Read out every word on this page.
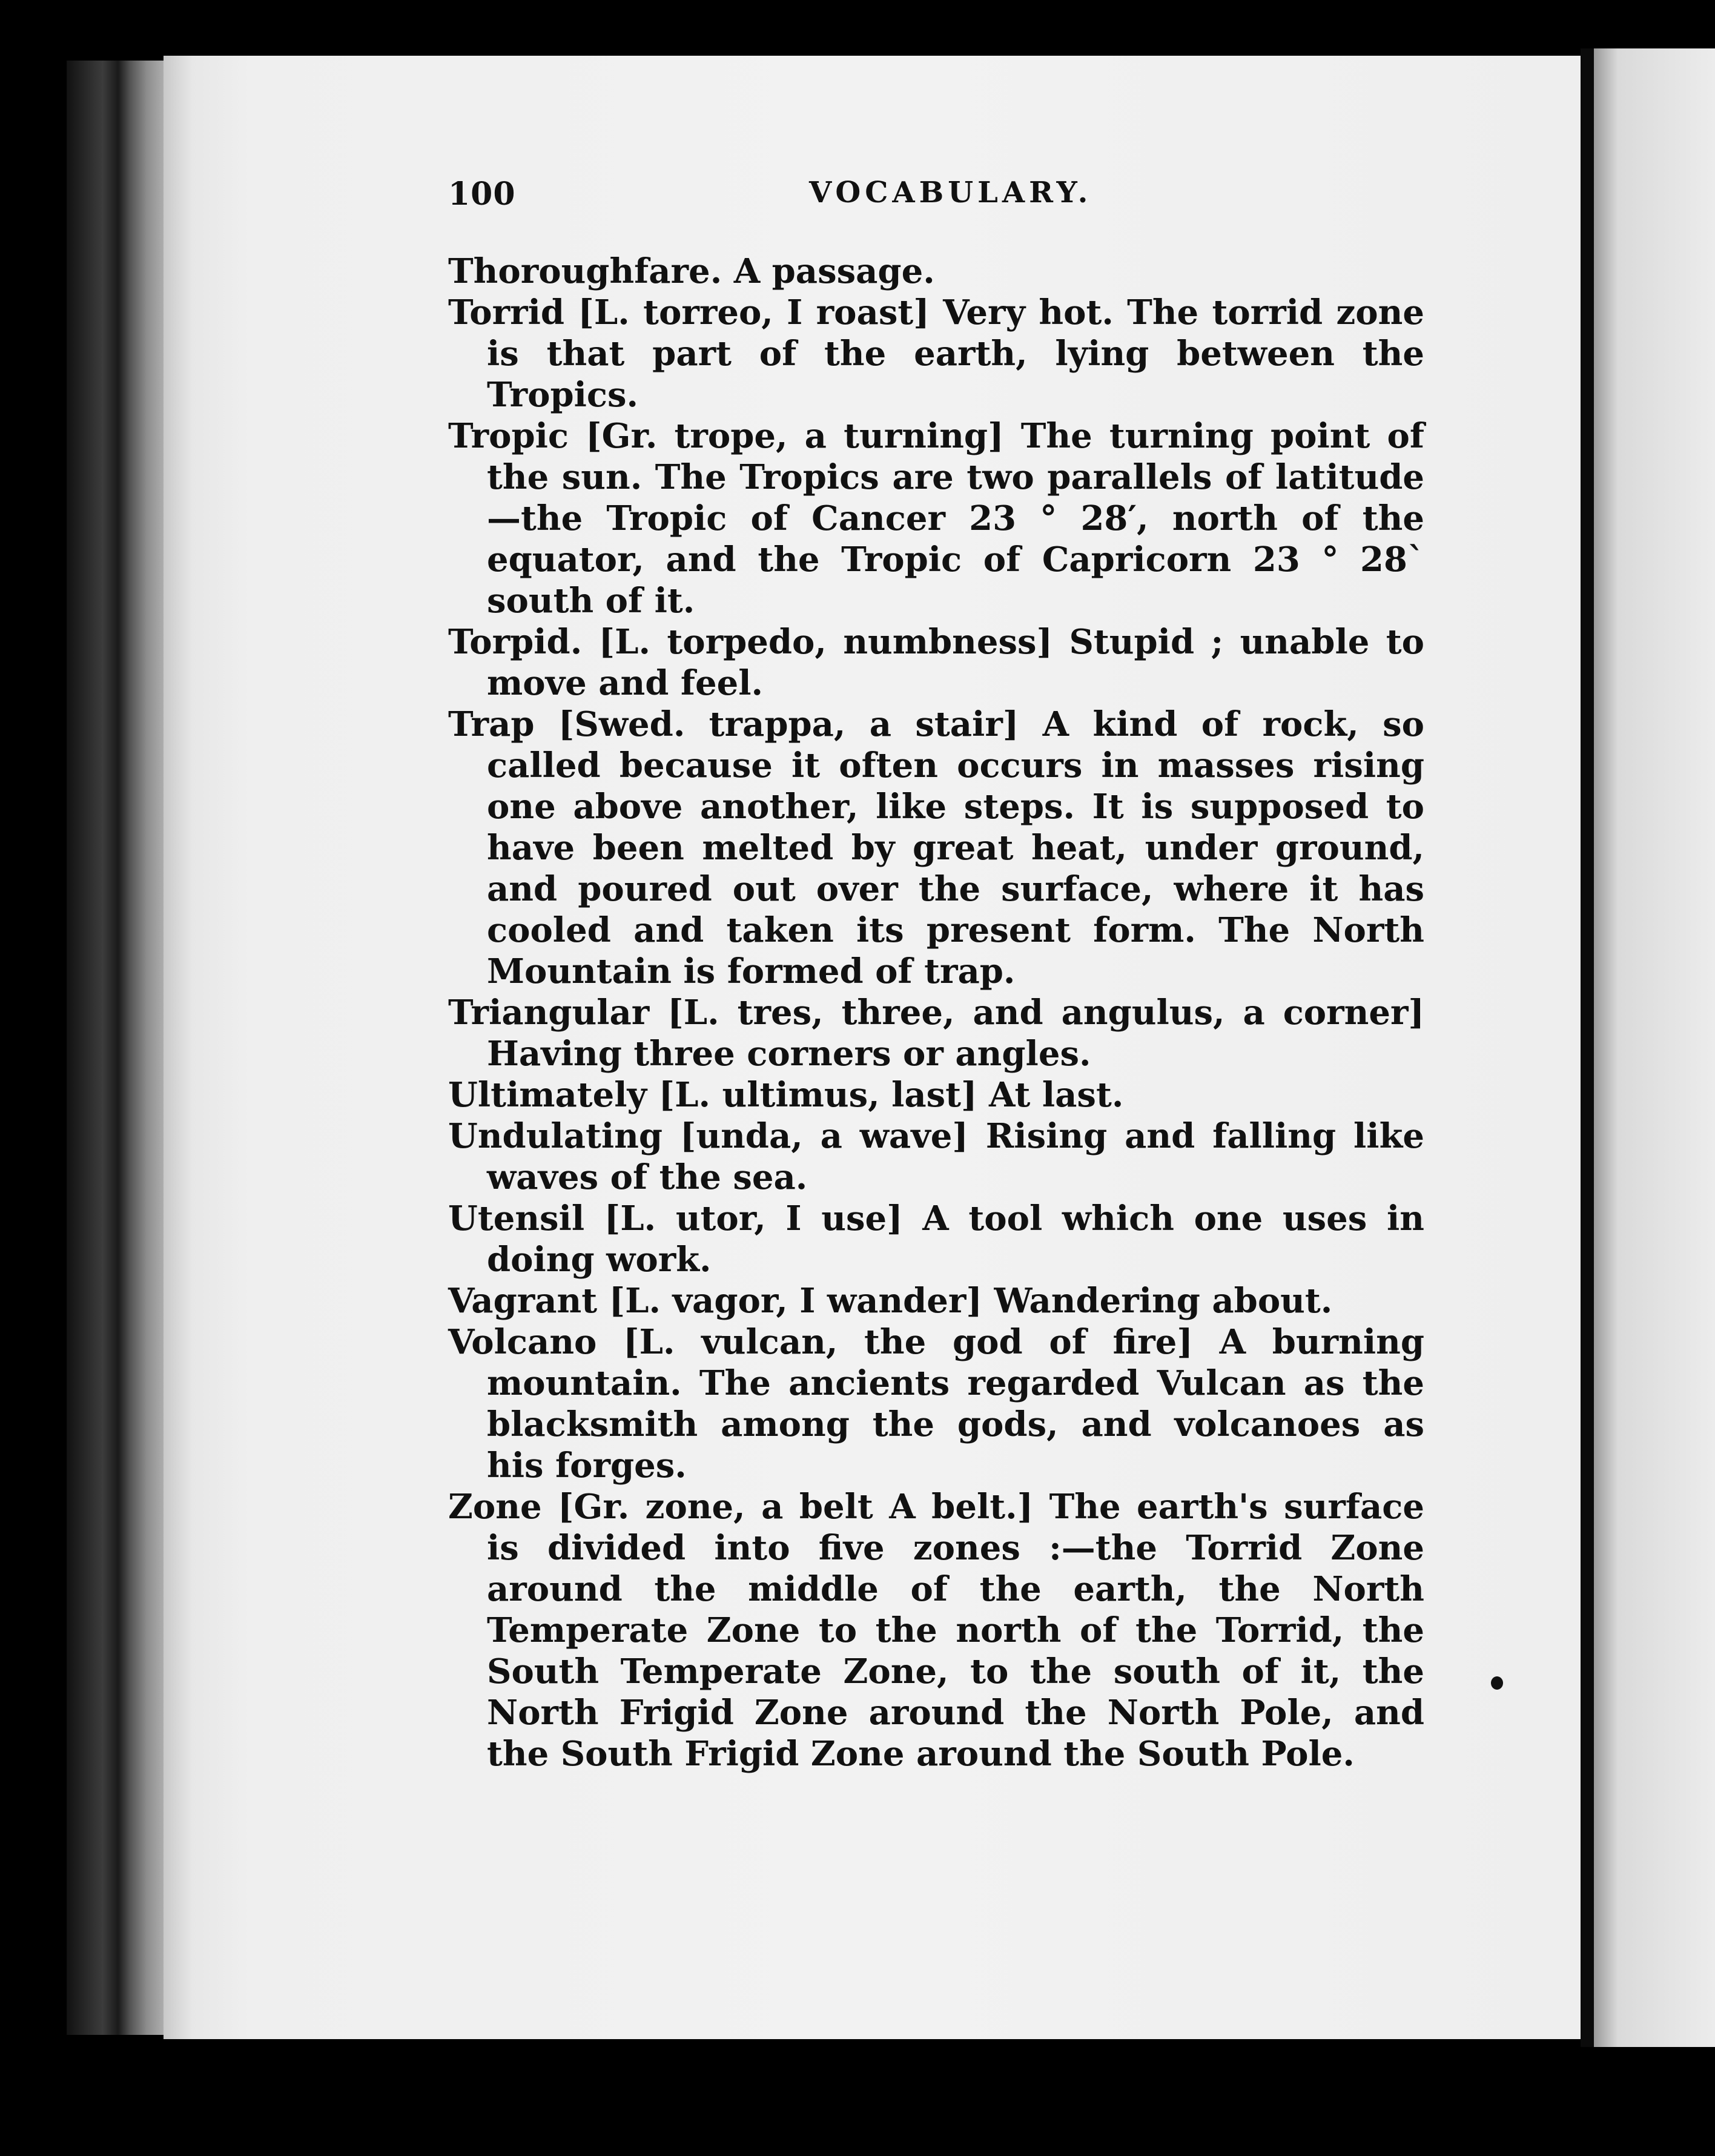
100	VOCABULARY.

Thoroughfare. A passage.

Torrid [L. torreo, I roast] Very hot. The torrid zone is that part of the earth, lying between the Tropics.

Tropic [Gr. trope, a turning] The turning point of the sun. The Tropics are two parallels of latitude—the Tropic of Cancer 23 ° 28′, north of the equator, and the Tropic of Capricorn 23 ° 28` south of it.

Torpid. [L. torpedo, numbness] Stupid ; unable to move and feel.

Trap [Swed. trappa, a stair] A kind of rock, so called because it often occurs in masses rising one above another, like steps. It is supposed to have been melted by great heat, under ground, and poured out over the surface, where it has cooled and taken its present form. The North Mountain is formed of trap.

Triangular [L. tres, three, and angulus, a corner] Having three corners or angles.

Ultimately [L. ultimus, last] At last.

Undulating [unda, a wave] Rising and falling like waves of the sea.

Utensil [L. utor, I use] A tool which one uses in doing work.

Vagrant [L. vagor, I wander] Wandering about.

Volcano [L. vulcan, the god of fire] A burning mountain. The ancients regarded Vulcan as the blacksmith among the gods, and volcanoes as his forges.

Zone [Gr. zone, a belt A belt.] The earth's surface is divided into five zones :—the Torrid Zone around the middle of the earth, the North Temperate Zone to the north of the Torrid, the South Temperate Zone, to the south of it, the North Frigid Zone around the North Pole, and the South Frigid Zone around the South Pole.
